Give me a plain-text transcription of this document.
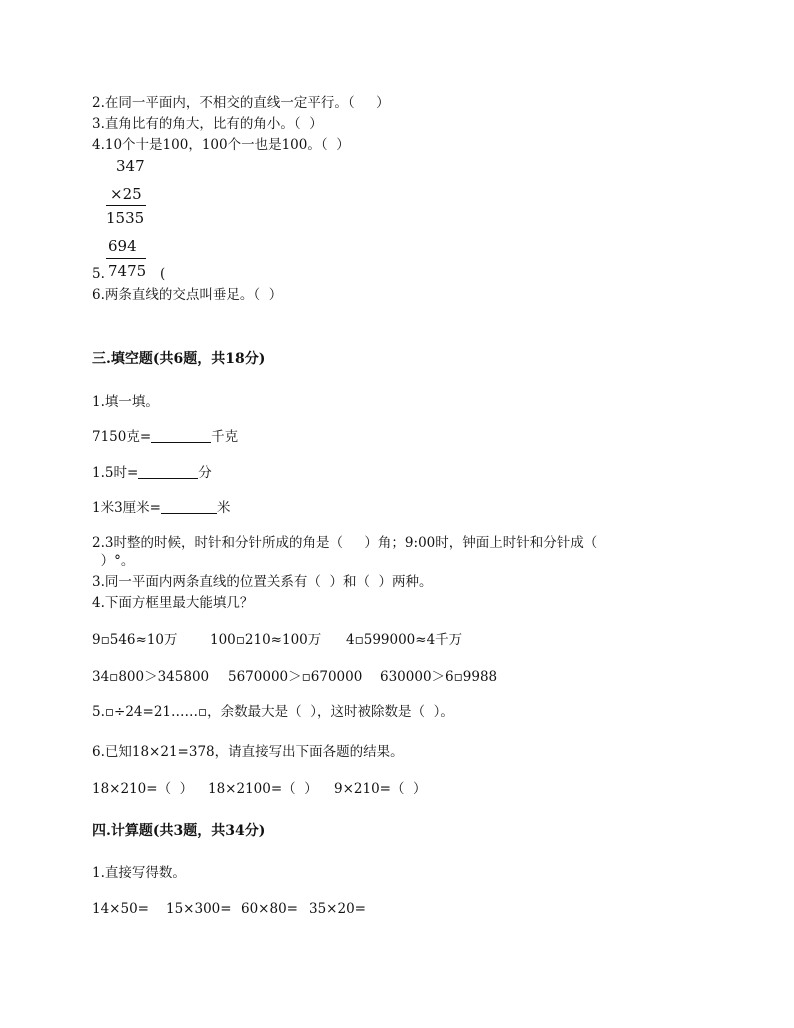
2.在同一平面内，不相交的直线一定平行。（     ）
3.直角比有的角大，比有的角小。（  ）
4.10个十是100，100个一也是100。（  ）
347
×25
1535
694
7475
5.	(
6.两条直线的交点叫垂足。（  ）
三.填空题(共6题，共18分)
1.填一填。
7150克=	千克
1.5时=	分
1米3厘米=	米
2.3时整的时候，时针和分针所成的角是（     ）角；9:00时，钟面上时针和分针成（
）°。
3.同一平面内两条直线的位置关系有（  ）和（  ）两种。
4.下面方框里最大能填几？
9▫546≈10万 100▫210≈100万 4▫599000≈4千万
34▫800＞345800 5670000＞▫670000 630000＞6▫9988
5.▫÷24=21……▫，余数最大是（  ），这时被除数是（  ）。
6.已知18×21=378，请直接写出下面各题的结果。
18×210=（  ） 18×2100=（  ） 9×210=（  ）
四.计算题(共3题，共34分)
1.直接写得数。
14×50= 15×300= 60×80= 35×20=
